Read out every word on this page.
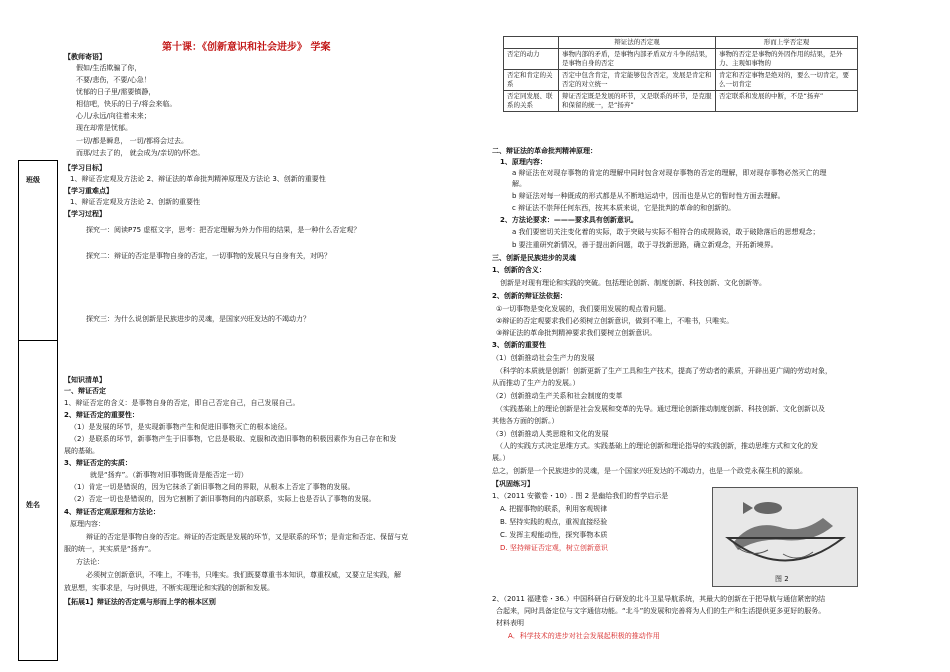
班级
姓名
第十课：《创新意识和社会进步》 学案
【教师寄语】
假如/生活欺骗了你，
不要/悲伤，不要/心急！
忧郁的日子里/需要镇静，
相信吧，快乐的日子/将会来临。
心儿/永远/向往着未来；
现在却常是忧郁。
一切/都是瞬息， 一切/都将会过去。
而那/过去了的， 就会成为/亲切的/怀恋。
【学习目标】
1、辩证否定观及方法论 2、辩证法的革命批判精神原理及方法论 3、创新的重要性
【学习重难点】
1、辩证否定观及方法论 2、创新的重要性
【学习过程】
探究一：阅读P75 虚框文字，思考：把否定理解为外力作用的结果，是一种什么否定观？
探究二：辩证的否定是事物自身的否定，一切事物的发展只与自身有关，对吗？
探究三：为什么说创新是民族进步的灵魂，是国家兴旺发达的不竭动力？
【知识清单】
一、辩证否定
1、辩证否定的含义：是事物自身的否定，即自己否定自己，自己发展自己。
2、辩证否定的重要性：
（1）是发展的环节，是实现新事物产生和促进旧事物灭亡的根本途径。
（2）是联系的环节，新事物产生于旧事物，它总是吸取、克服和改造旧事物的积极因素作为自己存在和发
展的基础。
3、辩证否定的实质：
就是“扬弃”。（新事物对旧事物既肯是能否定一切）
（1）肯定一切是错误的，因为它抹杀了新旧事物之间的界限，从根本上否定了事物的发展。
（2）否定一切也是错误的，因为它割断了新旧事物间的内部联系，实际上也是否认了事物的发展。
4、辩证否定观原理和方法论：
原理内容：
辩证的否定是事物自身的否定。辩证的否定既是发展的环节，又是联系的环节；是肯定和否定、保留与克
服的统一，其实质是“扬弃”。
方法论：
必须树立创新意识，不唯上，不唯书，只唯实。我们既要尊重书本知识，尊重权威，又要立足实践，解
放思想，实事求是，与时俱进，不断实现理论和实践的创新和发展。
【拓展1】辩证法的否定观与形而上学的根本区别
	辩证法的否定观	形而上学否定观
否定的动力	事物内部的矛盾，是事物内部矛盾双方斗争的结果，是事物自身的否定	事物的否定是事物的外因作用的结果，是外力、主观如事物的
否定和肯定的关系	否定中包含肯定，肯定能够包含否定，发展是肯定和否定的对立统一	肯定和否定事物是绝对的，要么一切肯定，要么一切肯定
否定同发展、联系的关系	辩证否定既是发展的环节，又是联系的环节，是克服和保留的统一，是“扬弃”	否定联系和发展的中断，不是“扬弃”
二、辩证法的革命批判精神原理：
1、原理内容：
a 辩证法在对现存事物的肯定的理解中同时包含对现存事物的否定的理解，即对现存事物必然灭亡的理
解。
b 辩证法对每一种既成的形式都是从不断地运动中，因而也是从它的暂时性方面去理解。
c 辩证法不崇拜任何东西，按其本质来说，它是批判的革命的和创新的。
2、方法论要求：———要求具有创新意识。
a 我们要密切关注变化着的实际，敢于突破与实际不相符合的成规陈说，敢于破除落后的思想观念；
b 要注重研究新情况，善于提出新问题，敢于寻找新思路，确立新观念，开拓新境界。
三、创新是民族进步的灵魂
1、创新的含义：
创新是对现有理论和实践的突破。包括理论创新、制度创新、科技创新、文化创新等。
2、创新的辩证法依据：
①一切事物是变化发展的，我们要用发展的观点看问题。
②辩证的否定观要求我们必须树立创新意识，做到不唯上，不唯书，只唯实。
③辩证法的革命批判精神要求我们要树立创新意识。
3、创新的重要性
（1）创新推动社会生产力的发展
（科学的本质就是创新！创新更新了生产工具和生产技术，提高了劳动者的素质，开辟出更广阔的劳动对象，
从而推动了生产力的发展。）
（2）创新推动生产关系和社会制度的变革
（实践基础上的理论创新是社会发展和变革的先导。通过理论创新推动制度创新、科技创新、文化创新以及
其他各方面的创新。）
（3）创新推动人类思维和文化的发展
（人的实践方式决定思维方式。实践基础上的理论创新和理论指导的实践创新，推动思维方式和文化的发
展。）
总之，创新是一个民族进步的灵魂，是一个国家兴旺发达的不竭动力，也是一个政党永葆生机的源泉。
【巩固练习】
1、（2011 安徽卷・10）. 图 2 是幽给我们的哲学启示是
A. 把握事物的联系，利用客观规律
B. 坚持实践的观点，重视直接经验
C. 发挥主观能动性，探究事物本质
D. 坚持辩证否定观，树立创新意识
图 2
2、（2011 福建卷・36.）中国科研自行研发的北斗卫星导航系统，其最大的创新在于把导航与通信紧密的结
合起来，同时具备定位与文字通信功能。“北斗”的发展和完善将为人们的生产和生活提供更多更好的服务。
材料表明
A．科学技术的进步对社会发展起积极的推动作用
